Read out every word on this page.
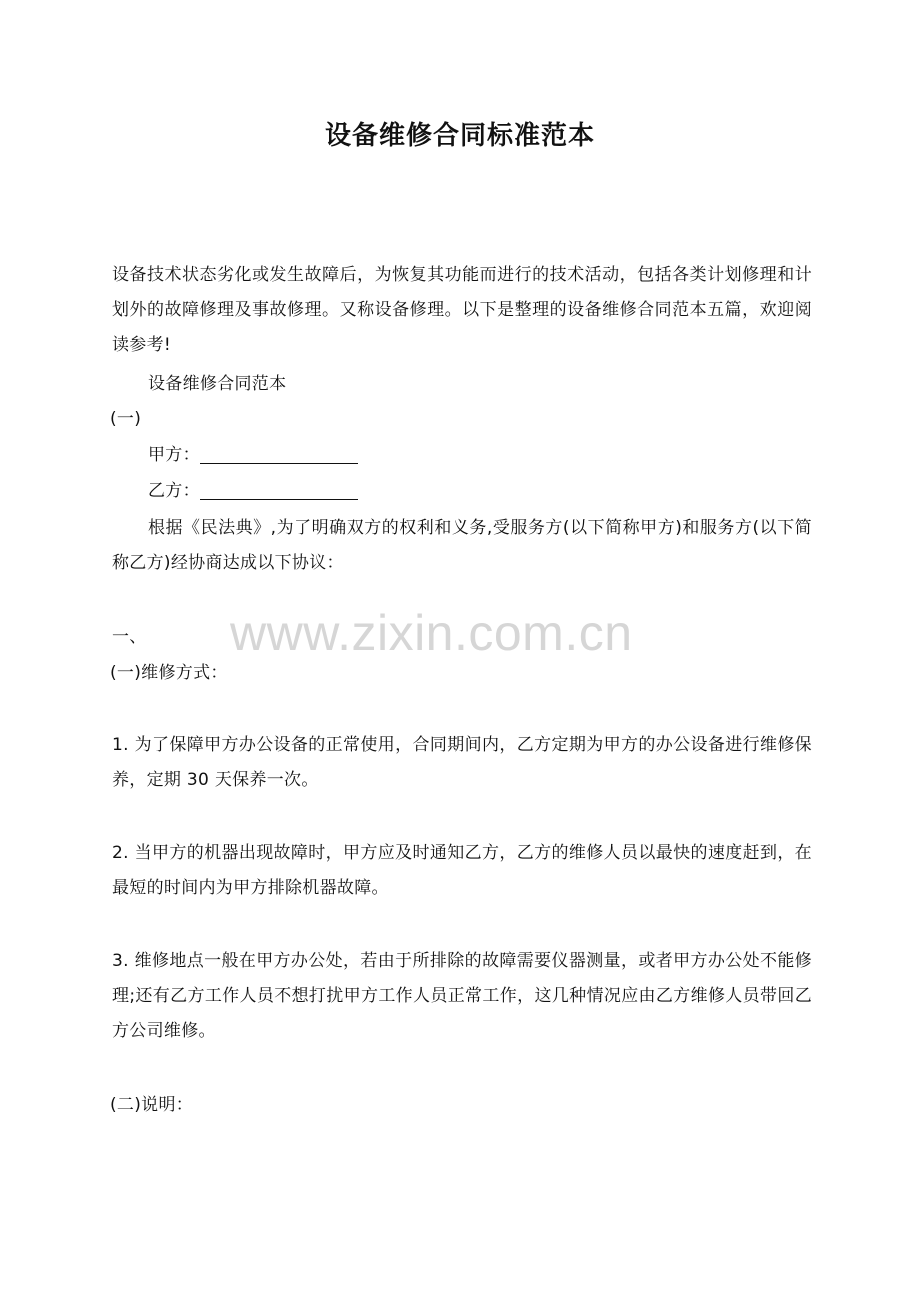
设备维修合同标准范本
设备技术状态劣化或发生故障后，为恢复其功能而进行的技术活动，包括各类计划修理和计划外的故障修理及事故修理。又称设备修理。以下是整理的设备维修合同范本五篇，欢迎阅读参考!
设备维修合同范本
(一)
甲方：
乙方：
根据《民法典》,为了明确双方的权利和义务,受服务方(以下简称甲方)和服务方(以下简称乙方)经协商达成以下协议：
一、
(一)维修方式：
1. 为了保障甲方办公设备的正常使用，合同期间内，乙方定期为甲方的办公设备进行维修保养，定期 30 天保养一次。
2. 当甲方的机器出现故障时，甲方应及时通知乙方，乙方的维修人员以最快的速度赶到，在最短的时间内为甲方排除机器故障。
3. 维修地点一般在甲方办公处，若由于所排除的故障需要仪器测量，或者甲方办公处不能修理;还有乙方工作人员不想打扰甲方工作人员正常工作，这几种情况应由乙方维修人员带回乙方公司维修。
(二)说明：
www.zixin.com.cn
